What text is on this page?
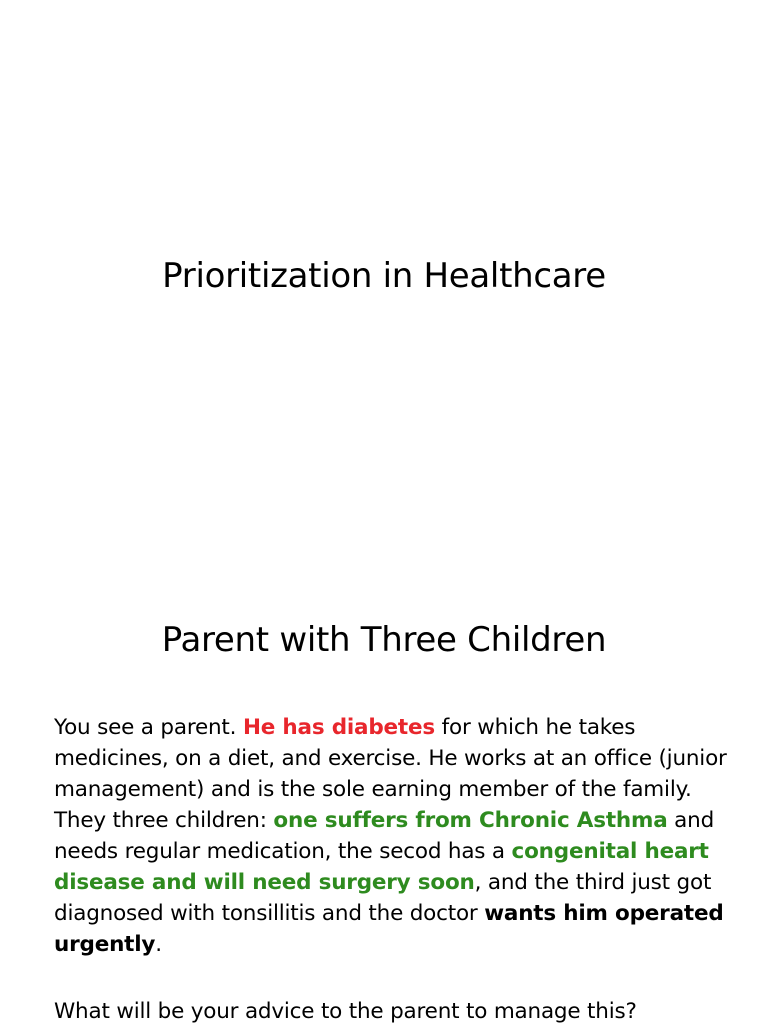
Prioritization in Healthcare
Parent with Three Children

You see a parent. He has diabetes for which he takes medicines, on a diet, and exercise. He works at an office (junior management) and is the sole earning member of the family. They three children: one suffers from Chronic Asthma and needs regular medication, the secod has a congenital heart disease and will need surgery soon, and the third just got diagnosed with tonsillitis and the doctor wants him operated urgently.

What will be your advice to the parent to manage this?
